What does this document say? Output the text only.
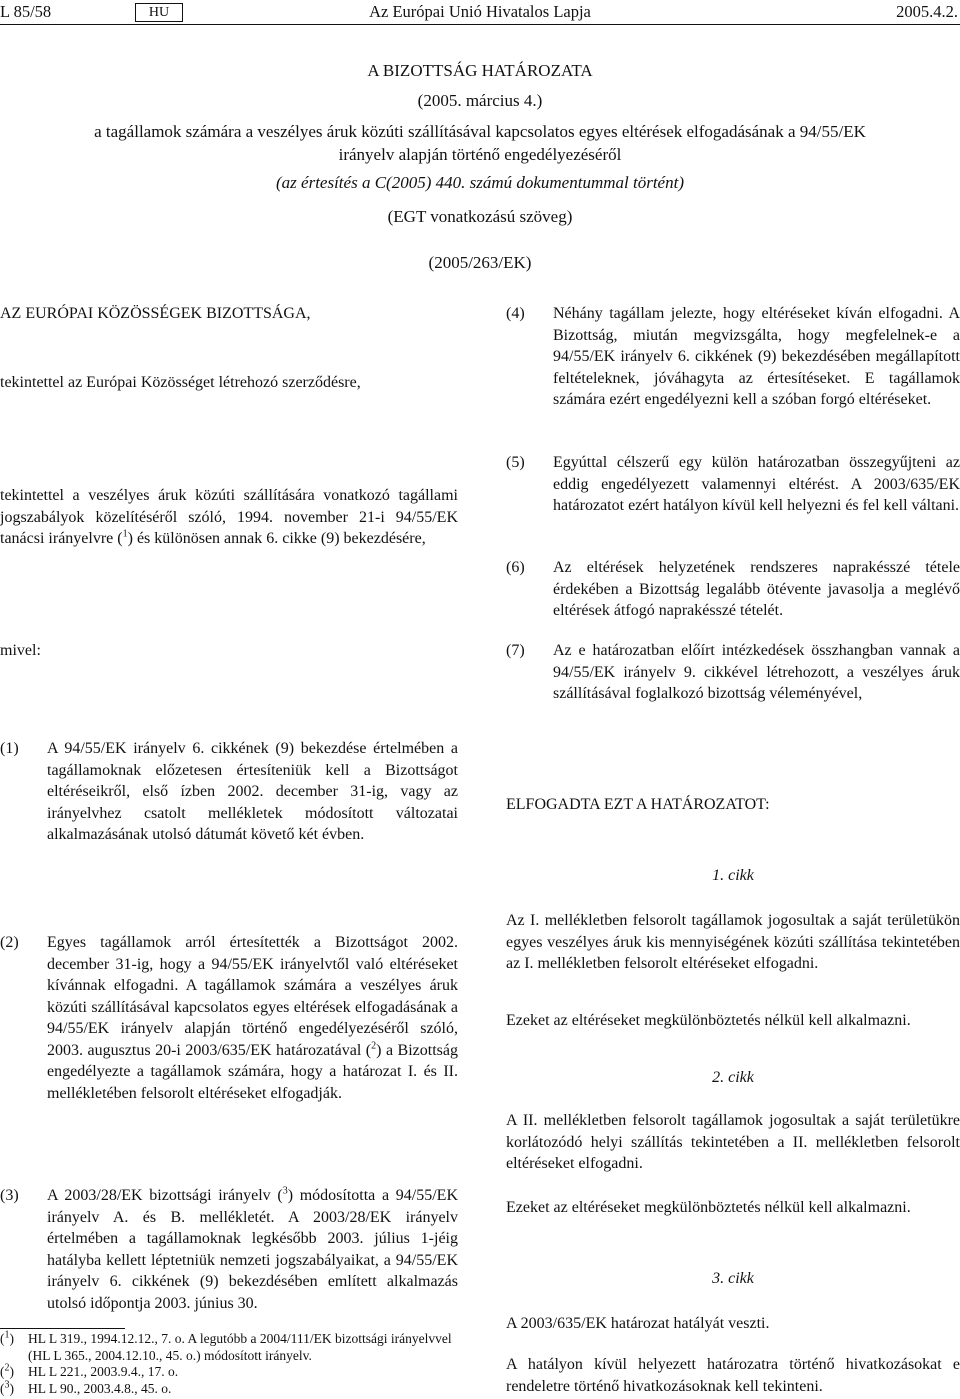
L 85/58	HU	Az Európai Unió Hivatalos Lapja	2005.4.2.
A BIZOTTSÁG HATÁROZATA
(2005. március 4.)
a tagállamok számára a veszélyes áruk közúti szállításával kapcsolatos egyes eltérések elfogadásának a 94/55/EK irányelv alapján történő engedélyezéséről
(az értesítés a C(2005) 440. számú dokumentummal történt)
(EGT vonatkozású szöveg)
(2005/263/EK)
AZ EURÓPAI KÖZÖSSÉGEK BIZOTTSÁGA,
tekintettel az Európai Közösséget létrehozó szerződésre,
tekintettel a veszélyes áruk közúti szállítására vonatkozó tagállami jogszabályok közelítéséről szóló, 1994. november 21-i 94/55/EK tanácsi irányelvre ($^1$) és különösen annak 6. cikke (9) bekezdésére,
mivel:
(1) A 94/55/EK irányelv 6. cikkének (9) bekezdése értelmében a tagállamoknak előzetesen értesíteniük kell a Bizottságot eltéréseikről, első ízben 2002. december 31-ig, vagy az irányelvhez csatolt mellékletek módosított változatai alkalmazásának utolsó dátumát követő két évben.
(2) Egyes tagállamok arról értesítették a Bizottságot 2002. december 31-ig, hogy a 94/55/EK irányelvtől való eltéréseket kívánnak elfogadni. A tagállamok számára a veszélyes áruk közúti szállításával kapcsolatos egyes eltérések elfogadásának a 94/55/EK irányelv alapján történő engedélyezéséről szóló, 2003. augusztus 20-i 2003/635/EK határozatával ($^2$) a Bizottság engedélyezte a tagállamok számára, hogy a határozat I. és II. mellékletében felsorolt eltéréseket elfogadják.
(3) A 2003/28/EK bizottsági irányelv ($^3$) módosította a 94/55/EK irányelv A. és B. mellékletét. A 2003/28/EK irányelv értelmében a tagállamoknak legkésőbb 2003. július 1-jéig hatályba kellett léptetniük nemzeti jogszabályaikat, a 94/55/EK irányelv 6. cikkének (9) bekezdésében említett alkalmazás utolsó időpontja 2003. június 30.
($^1$) HL L 319., 1994.12.12., 7. o. A legutóbb a 2004/111/EK bizottsági irányelvvel (HL L 365., 2004.12.10., 45. o.) módosított irányelv.
($^2$) HL L 221., 2003.9.4., 17. o.
($^3$) HL L 90., 2003.4.8., 45. o.
(4) Néhány tagállam jelezte, hogy eltéréseket kíván elfogadni. A Bizottság, miután megvizsgálta, hogy megfelelnek-e a 94/55/EK irányelv 6. cikkének (9) bekezdésében megállapított feltételeknek, jóváhagyta az értesítéseket. E tagállamok számára ezért engedélyezni kell a szóban forgó eltéréseket.
(5) Egyúttal célszerű egy külön határozatban összegyűjteni az eddig engedélyezett valamennyi eltérést. A 2003/635/EK határozatot ezért hatályon kívül kell helyezni és fel kell váltani.
(6) Az eltérések helyzetének rendszeres naprakésszé tétele érdekében a Bizottság legalább ötévente javasolja a meglévő eltérések átfogó naprakésszé tételét.
(7) Az e határozatban előírt intézkedések összhangban vannak a 94/55/EK irányelv 9. cikkével létrehozott, a veszélyes áruk szállításával foglalkozó bizottság véleményével,
ELFOGADTA EZT A HATÁROZATOT:
1. cikk
Az I. mellékletben felsorolt tagállamok jogosultak a saját területükön egyes veszélyes áruk kis mennyiségének közúti szállítása tekintetében az I. mellékletben felsorolt eltéréseket elfogadni.
Ezeket az eltéréseket megkülönböztetés nélkül kell alkalmazni.
2. cikk
A II. mellékletben felsorolt tagállamok jogosultak a saját területükre korlátozódó helyi szállítás tekintetében a II. mellékletben felsorolt eltéréseket elfogadni.
Ezeket az eltéréseket megkülönböztetés nélkül kell alkalmazni.
3. cikk
A 2003/635/EK határozat hatályát veszti.
A hatályon kívül helyezett határozatra történő hivatkozásokat e rendeletre történő hivatkozásoknak kell tekinteni.
